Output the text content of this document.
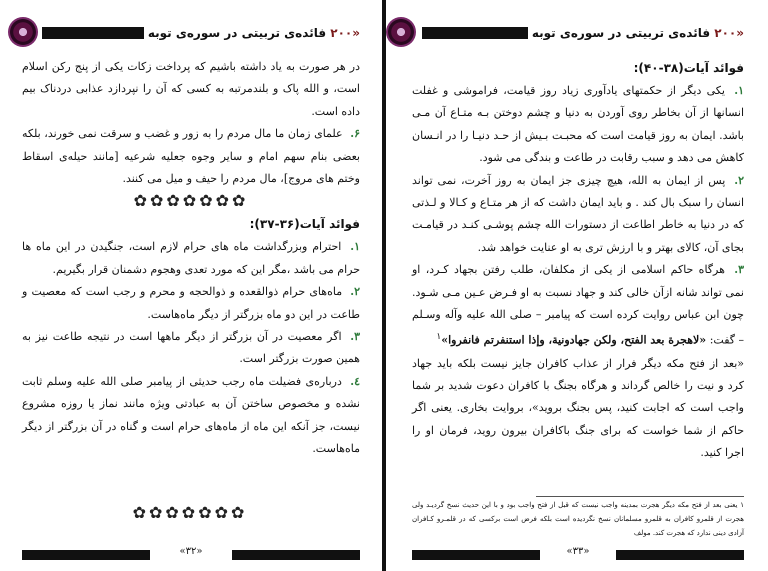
«۲۰۰ فائده‌ی تربیتی در سوره‌ی توبه

در هر صورت به یاد داشته باشیم که پرداخت زکات یکی از پنج رکن اسلام است، و الله پاک و بلندمرتبه به کسی که آن را نپردازد عذابی دردناک بیم داده است.

۶. علمای زمان ما مال مردم را به زور و غضب و سرقت نمی خورند، بلکه بعضی بنام سهم امام و سایر وجوه جعلیه شرعیه [مانند حیله‌ی اسقاط وختم های مروج]، مال مردم را حیف و میل می کنند.

✿✿✿✿✿✿✿

فوائد آیات(۳۶-۳۷):

۱. احترام وبزرگداشت ماه های حرام لازم است، جنگیدن در این ماه ها حرام می باشد ،مگر این که مورد تعدی وهجوم دشمنان قرار بگیریم.

۲. ماه‌های حرام ذوالقعده و ذوالحجه و محرم و رجب است که معصیت و طاعت در این دو ماه بزرگتر از دیگر ماه‌هاست.

۳. اگر معصیت در آن بزرگتر از دیگر ماهها است در نتیجه طاعت نیز به همین صورت بزرگتر است.

٤. درباره‌ی فضیلت ماه رجب حدیثی از پیامبر صلی الله علیه وسلم ثابت نشده و مخصوص ساختن آن به عبادتی ویژه مانند نماز یا روزه مشروع نیست، جز آنکه این ماه از ماه‌های حرام است و گناه در آن بزرگتر از دیگر ماه‌هاست.

✿✿✿✿✿✿✿
«۳۲»
«۲۰۰ فائده‌ی تربیتی در سوره‌ی توبه

فوائد آیات(۳۸-۴۰):

۱. یکی دیگر از حکمتهای یادآوری زیاد روز قیامت، فراموشی و غفلت انسانها از آن بخاطر روی آوردن به دنیا و چشم دوختن بـه متـاع آن مـی باشد. ایمان به روز قیامت است که محبـت بـیش از حـد دنیـا را در انـسان کاهش می دهد و سبب رقابت در طاعت و بندگی می شود.

۲. پس از ایمان به الله، هیچ چیزی جز ایمان به روز آخرت، نمی تواند انسان را سبک بال کند . و باید ایمان داشت که از هر متـاع و کـالا و لـذتی که در دنیا به خاطر اطاعت از دستورات الله چشم پوشـی کنـد در قیامـت بجای آن، کالای بهتر و با ارزش تری به او عنایت خواهد شد.

۳. هرگاه حاکم اسلامی از یکی از مکلفان، طلب رفتن بجهاد کـرد، او نمی تواند شانه ازآن خالی کند و جهاد نسبت به او فـرض عـین مـی شـود. چون ابن عباس روایت کرده است که پیامبر – صلی الله علیه وآله وسـلم – گفت: «لاهجرة بعد الفتح، ولكن جهادونية، وإذا استنفرتم فانفروا»$^۱$

«بعد از فتح مکه دیگر فرار از عذاب کافران جایز نیست بلکه باید جهاد کرد و نیت را خالص گرداند و هرگاه بجنگ با کافران دعوت شدید بر شما واجب است که اجابت کنید، پس بجنگ بروید»، بروایت بخاری. یعنی اگر حاکم از شما خواست که برای جنگ باکافران بیرون روید، فرمان او را اجرا کنید.

۱ یعنی بعد از فتح مکه دیگر هجرت بمدینه واجب نیست که قبل از فتح واجب بود و با این حدیث نسخ گردیـد ولی هجرت از قلمرو کافران به قلمرو مسلمانان نسخ نگردیده است بلکه فرض است برکسی که در قلمـرو کـافران آزادی دینی ندارد که هجرت کند. مولف
«۳۳»
